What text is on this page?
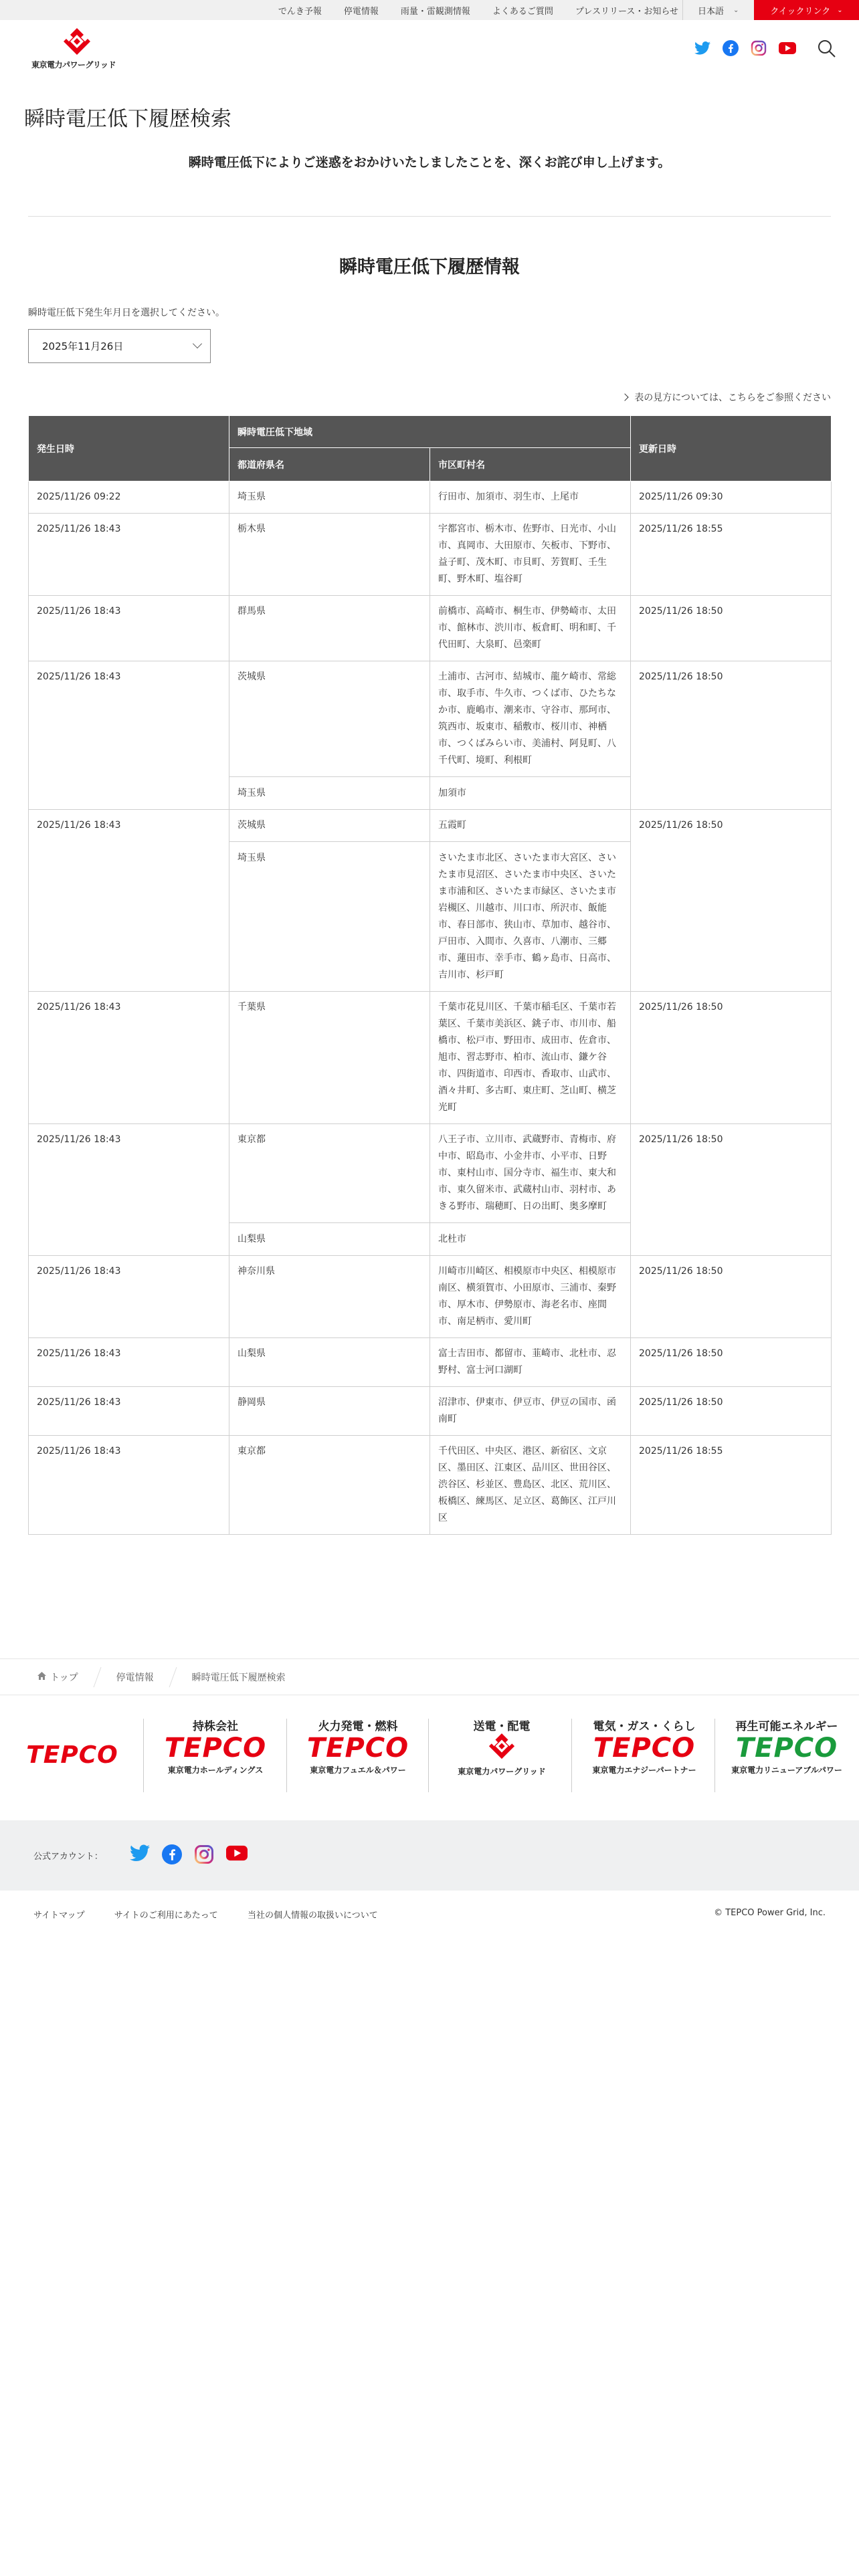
でんき予報	停電情報	雨量・雷観測情報	よくあるご質問	プレスリリース・お知らせ 日本語 ⌄	クイックリンク ⌄
東京電力パワーグリッド
瞬時電圧低下履歴検索

瞬時電圧低下によりご迷惑をおかけいたしましたことを、深くお詫び申し上げます。

瞬時電圧低下履歴情報

瞬時電圧低下発生年月日を選択してください。

2025年11月26日
表の見方については、こちらをご参照ください
発生日時	瞬時電圧低下地域		更新日時
	都道府県名	市区町村名	
2025/11/26 09:22	埼玉県	行田市、加須市、羽生市、上尾市	2025/11/26 09:30
2025/11/26 18:43	栃木県	宇都宮市、栃木市、佐野市、日光市、小山市、真岡市、大田原市、矢板市、下野市、益子町、茂木町、市貝町、芳賀町、壬生町、野木町、塩谷町	2025/11/26 18:55
2025/11/26 18:43	群馬県	前橋市、高崎市、桐生市、伊勢崎市、太田市、館林市、渋川市、板倉町、明和町、千代田町、大泉町、邑楽町	2025/11/26 18:50
2025/11/26 18:43	茨城県	土浦市、古河市、結城市、龍ケ崎市、常総市、取手市、牛久市、つくば市、ひたちなか市、鹿嶋市、潮来市、守谷市、那珂市、筑西市、坂東市、稲敷市、桜川市、神栖市、つくばみらい市、美浦村、阿見町、八千代町、境町、利根町	2025/11/26 18:50
	埼玉県	加須市	
2025/11/26 18:43	茨城県	五霞町	2025/11/26 18:50
	埼玉県	さいたま市北区、さいたま市大宮区、さいたま市見沼区、さいたま市中央区、さいたま市浦和区、さいたま市緑区、さいたま市岩槻区、川越市、川口市、所沢市、飯能市、春日部市、狭山市、草加市、越谷市、戸田市、入間市、久喜市、八潮市、三郷市、蓮田市、幸手市、鶴ヶ島市、日高市、吉川市、杉戸町	
2025/11/26 18:43	千葉県	千葉市花見川区、千葉市稲毛区、千葉市若葉区、千葉市美浜区、銚子市、市川市、船橋市、松戸市、野田市、成田市、佐倉市、旭市、習志野市、柏市、流山市、鎌ケ谷市、四街道市、印西市、香取市、山武市、酒々井町、多古町、東庄町、芝山町、横芝光町	2025/11/26 18:50
2025/11/26 18:43	東京都	八王子市、立川市、武蔵野市、青梅市、府中市、昭島市、小金井市、小平市、日野市、東村山市、国分寺市、福生市、東大和市、東久留米市、武蔵村山市、羽村市、あきる野市、瑞穂町、日の出町、奥多摩町	2025/11/26 18:50
	山梨県	北杜市	
2025/11/26 18:43	神奈川県	川崎市川崎区、相模原市中央区、相模原市南区、横須賀市、小田原市、三浦市、秦野市、厚木市、伊勢原市、海老名市、座間市、南足柄市、愛川町	2025/11/26 18:50
2025/11/26 18:43	山梨県	富士吉田市、都留市、韮崎市、北杜市、忍野村、富士河口湖町	2025/11/26 18:50
2025/11/26 18:43	静岡県	沼津市、伊東市、伊豆市、伊豆の国市、函南町	2025/11/26 18:50
2025/11/26 18:43	東京都	千代田区、中央区、港区、新宿区、文京区、墨田区、江東区、品川区、世田谷区、渋谷区、杉並区、豊島区、北区、荒川区、板橋区、練馬区、足立区、葛飾区、江戸川区	2025/11/26 18:55
トップ	停電情報	瞬時電圧低下履歴検索
TEPCO
持株会社
TEPCO
東京電力ホールディングス
火力発電・燃料
TEPCO
東京電力フュエル＆パワー
送電・配電
東京電力パワーグリッド
電気・ガス・くらし
TEPCO
東京電力エナジーパートナー
再生可能エネルギー
TEPCO
東京電力リニューアブルパワー
公式アカウント：
サイトマップ	サイトのご利用にあたって	当社の個人情報の取扱いについて	© TEPCO Power Grid, Inc.
